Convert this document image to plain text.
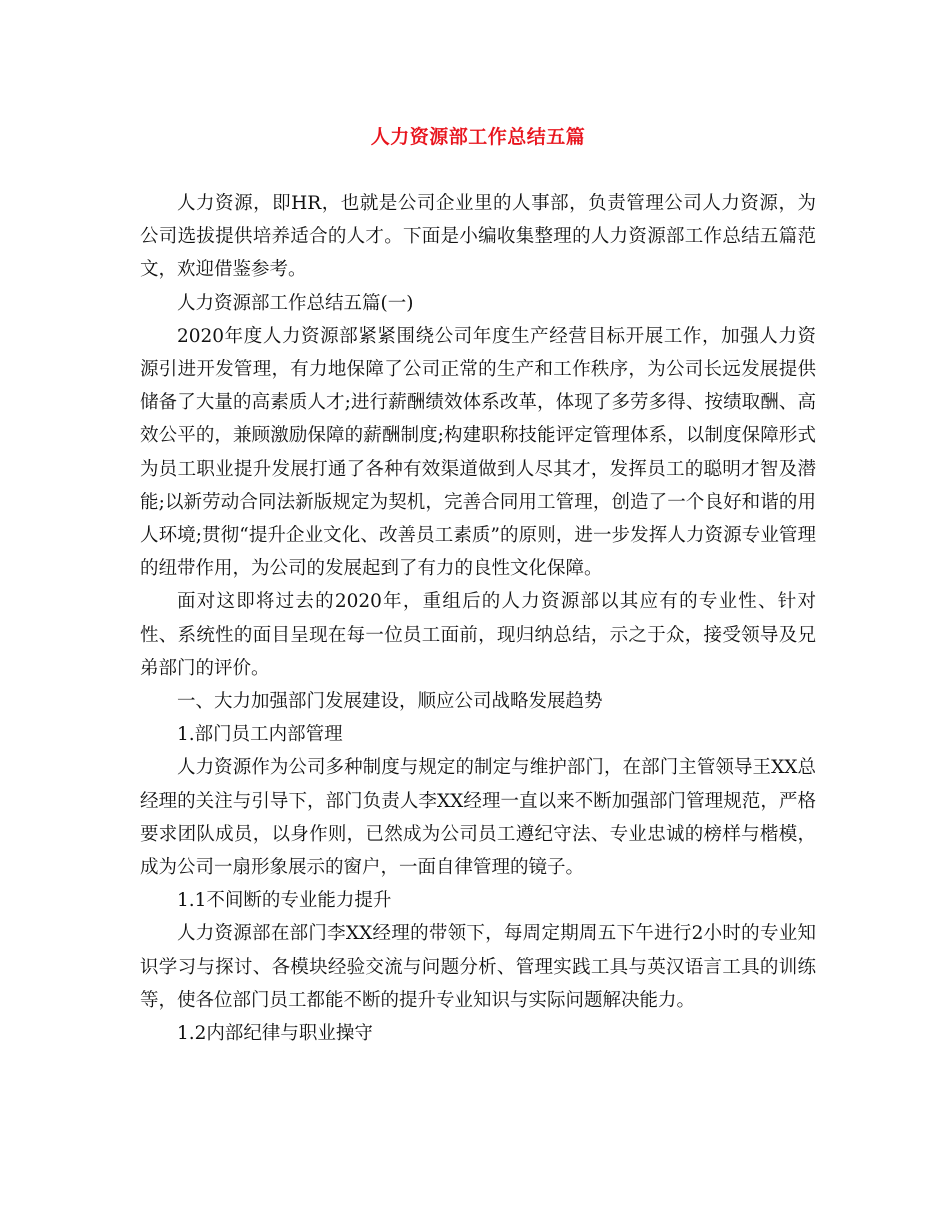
人力资源部工作总结五篇

人力资源，即HR，也就是公司企业里的人事部，负责管理公司人力资源，为公司选拔提供培养适合的人才。下面是小编收集整理的人力资源部工作总结五篇范文，欢迎借鉴参考。

人力资源部工作总结五篇(一)

2020年度人力资源部紧紧围绕公司年度生产经营目标开展工作，加强人力资源引进开发管理，有力地保障了公司正常的生产和工作秩序，为公司长远发展提供储备了大量的高素质人才;进行薪酬绩效体系改革，体现了多劳多得、按绩取酬、高效公平的，兼顾激励保障的薪酬制度;构建职称技能评定管理体系，以制度保障形式为员工职业提升发展打通了各种有效渠道做到人尽其才，发挥员工的聪明才智及潜能;以新劳动合同法新版规定为契机，完善合同用工管理，创造了一个良好和谐的用人环境;贯彻“提升企业文化、改善员工素质”的原则，进一步发挥人力资源专业管理的纽带作用，为公司的发展起到了有力的良性文化保障。

面对这即将过去的2020年，重组后的人力资源部以其应有的专业性、针对性、系统性的面目呈现在每一位员工面前，现归纳总结，示之于众，接受领导及兄弟部门的评价。

一、大力加强部门发展建设，顺应公司战略发展趋势

1.部门员工内部管理

人力资源作为公司多种制度与规定的制定与维护部门，在部门主管领导王XX总经理的关注与引导下，部门负责人李XX经理一直以来不断加强部门管理规范，严格要求团队成员，以身作则，已然成为公司员工遵纪守法、专业忠诚的榜样与楷模，成为公司一扇形象展示的窗户，一面自律管理的镜子。

1.1不间断的专业能力提升

人力资源部在部门李XX经理的带领下，每周定期周五下午进行2小时的专业知识学习与探讨、各模块经验交流与问题分析、管理实践工具与英汉语言工具的训练等，使各位部门员工都能不断的提升专业知识与实际问题解决能力。

1.2内部纪律与职业操守
